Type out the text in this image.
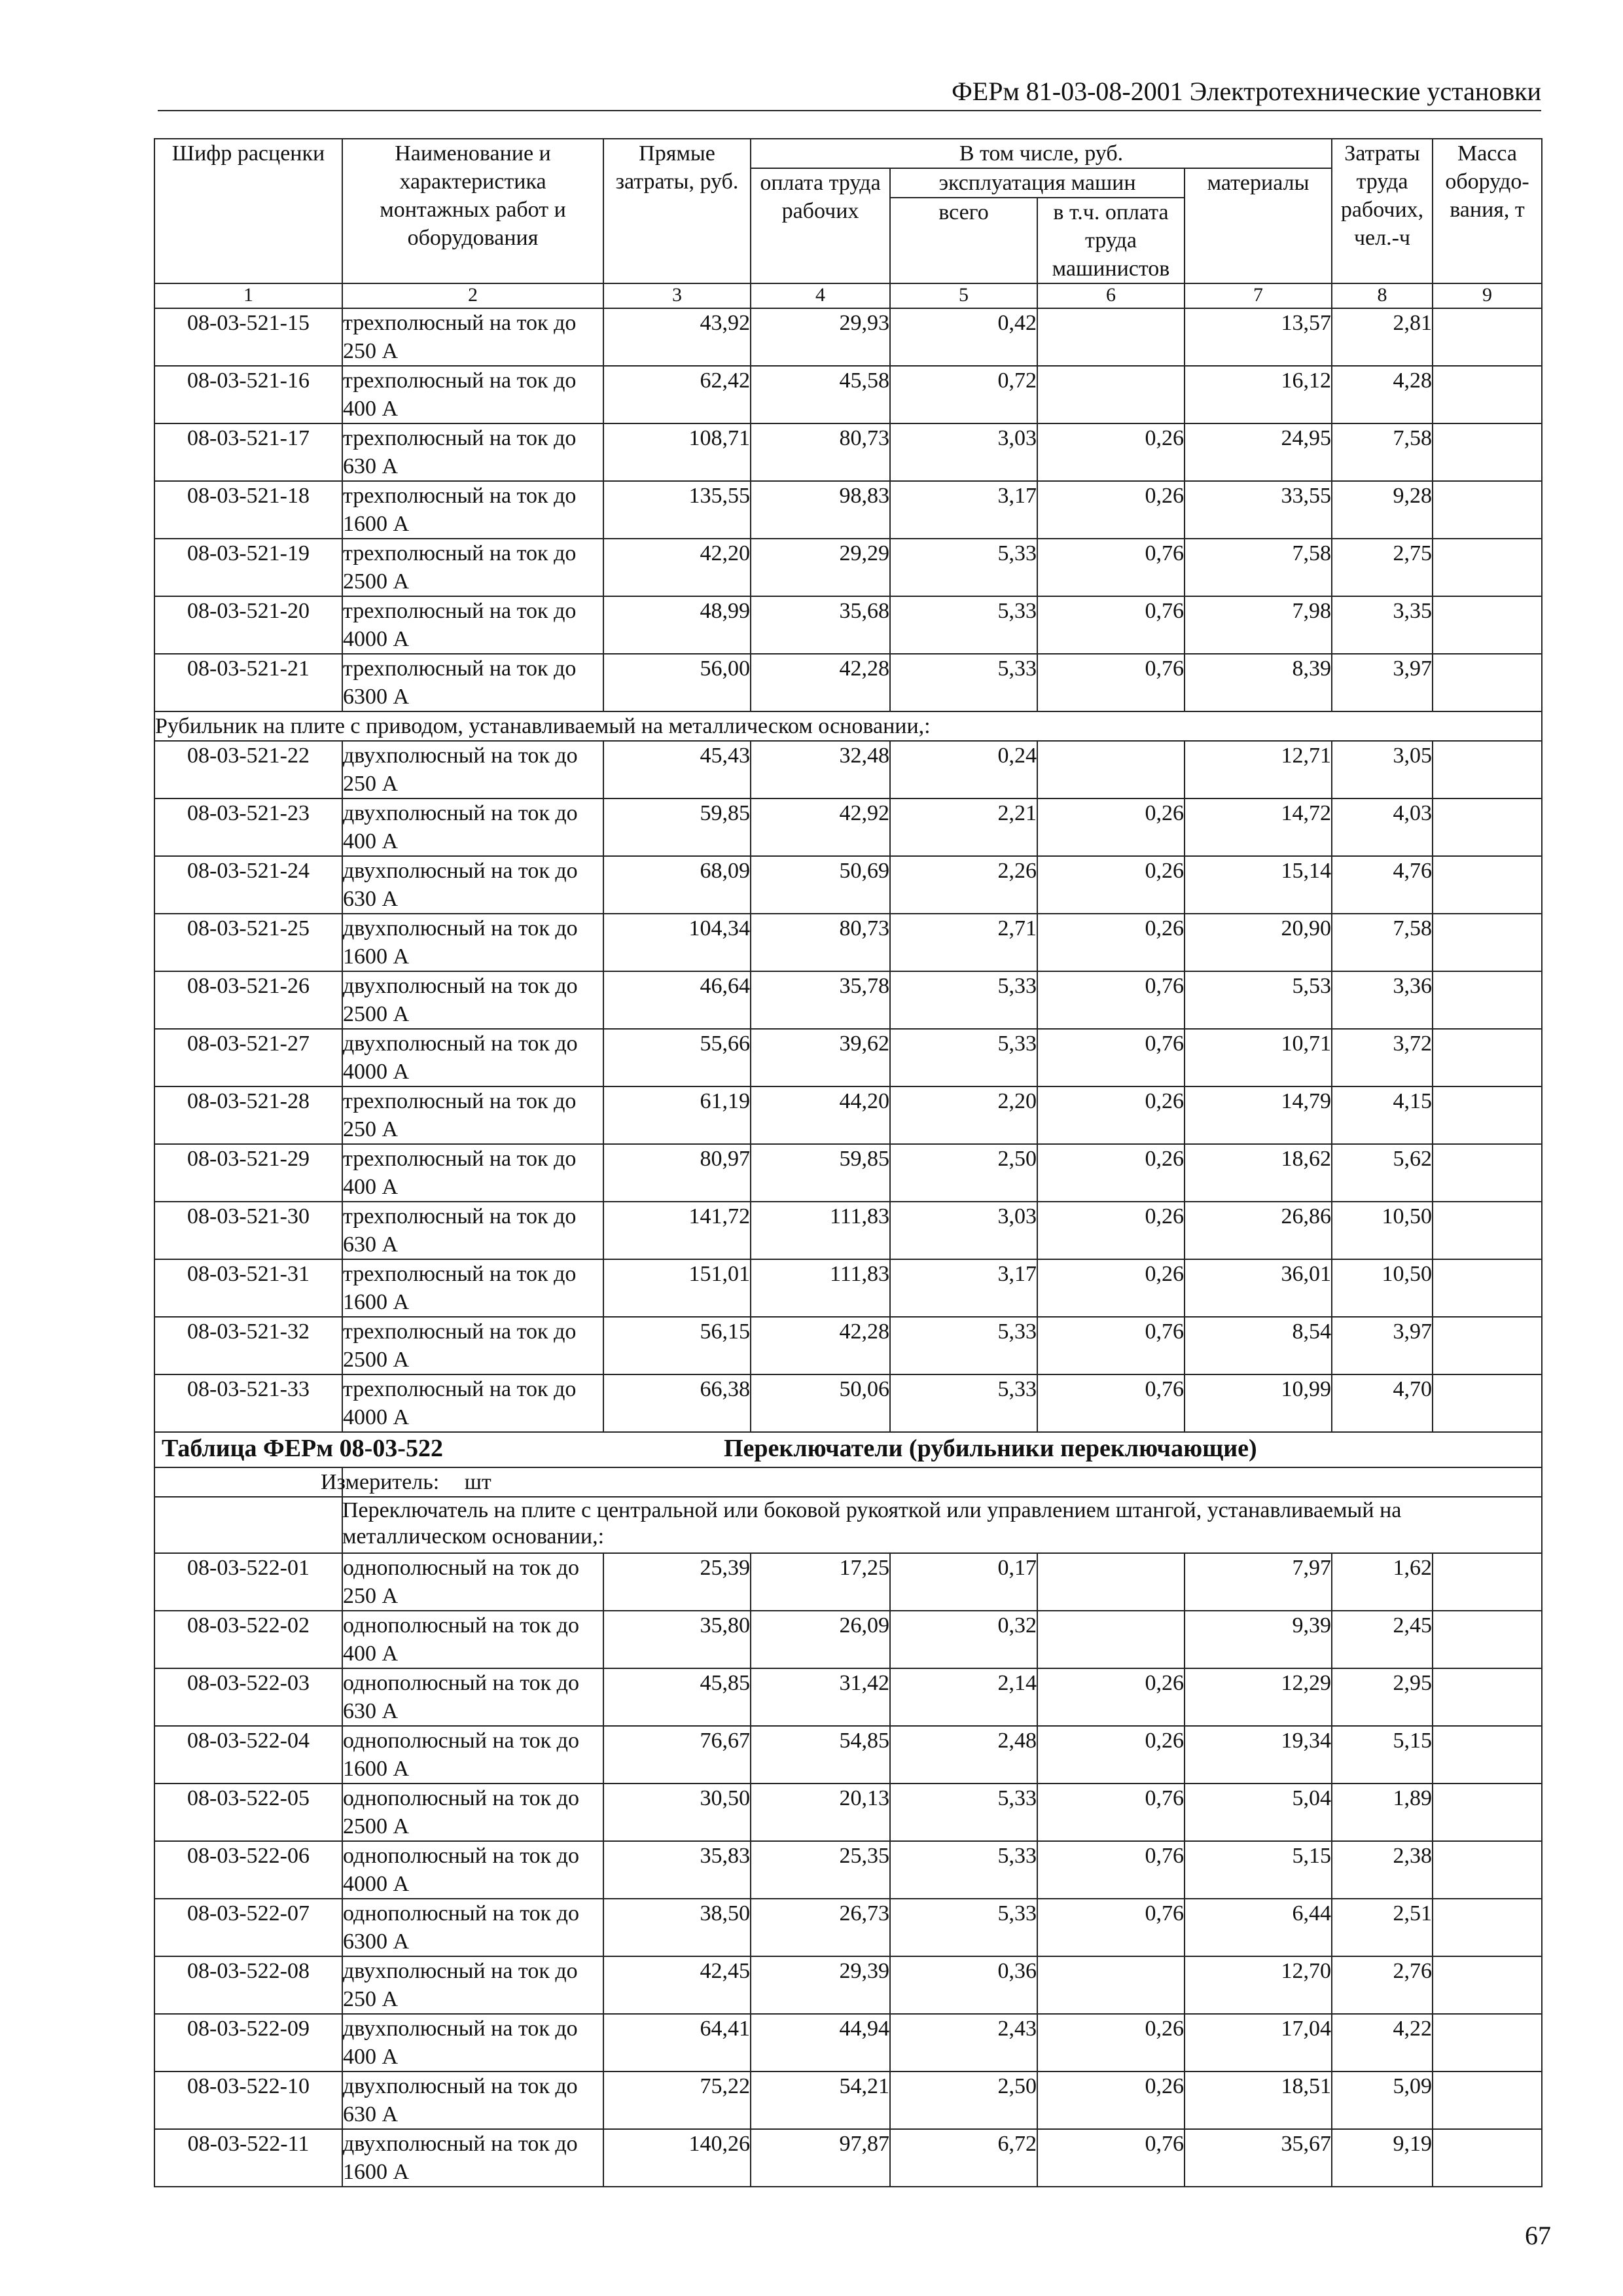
ФЕРм 81-03-08-2001 Электротехнические установки
Шифр расценки	Наименование и характеристика монтажных работ и оборудования	Прямые затраты, руб.	В том числе, руб.				Затраты труда рабочих, чел.-ч	Масса оборудо-вания, т
			оплата труда рабочих	эксплуатация машин		материалы		
				всего	в т.ч. оплата труда машинистов			

1	2	3	4	5	6	7	8	9
08-03-521-15	трехполюсный на ток до 250 А	43,92	29,93	0,42		13,57	2,81	
08-03-521-16	трехполюсный на ток до 400 А	62,42	45,58	0,72		16,12	4,28	
08-03-521-17	трехполюсный на ток до 630 А	108,71	80,73	3,03	0,26	24,95	7,58	
08-03-521-18	трехполюсный на ток до 1600 А	135,55	98,83	3,17	0,26	33,55	9,28	
08-03-521-19	трехполюсный на ток до 2500 А	42,20	29,29	5,33	0,76	7,58	2,75	
08-03-521-20	трехполюсный на ток до 4000 А	48,99	35,68	5,33	0,76	7,98	3,35	
08-03-521-21	трехполюсный на ток до 6300 А	56,00	42,28	5,33	0,76	8,39	3,97	
Рубильник на плите с приводом, устанавливаемый на металлическом основании,:								
08-03-521-22	двухполюсный на ток до 250 А	45,43	32,48	0,24		12,71	3,05	
08-03-521-23	двухполюсный на ток до 400 А	59,85	42,92	2,21	0,26	14,72	4,03	
08-03-521-24	двухполюсный на ток до 630 А	68,09	50,69	2,26	0,26	15,14	4,76	
08-03-521-25	двухполюсный на ток до 1600 А	104,34	80,73	2,71	0,26	20,90	7,58	
08-03-521-26	двухполюсный на ток до 2500 А	46,64	35,78	5,33	0,76	5,53	3,36	
08-03-521-27	двухполюсный на ток до 4000 А	55,66	39,62	5,33	0,76	10,71	3,72	
08-03-521-28	трехполюсный на ток до 250 А	61,19	44,20	2,20	0,26	14,79	4,15	
08-03-521-29	трехполюсный на ток до 400 А	80,97	59,85	2,50	0,26	18,62	5,62	
08-03-521-30	трехполюсный на ток до 630 А	141,72	111,83	3,03	0,26	26,86	10,50	
08-03-521-31	трехполюсный на ток до 1600 А	151,01	111,83	3,17	0,26	36,01	10,50	
08-03-521-32	трехполюсный на ток до 2500 А	56,15	42,28	5,33	0,76	8,54	3,97	
08-03-521-33	трехполюсный на ток до 4000 А	66,38	50,06	5,33	0,76	10,99	4,70	
Таблица ФЕРм 08-03-522 Переключатели (рубильники переключающие)								

	Измеритель: шт							

	Переключатель на плите с центральной или боковой рукояткой или управлением штангой, устанавливаемый на металлическом основании,:							

08-03-522-01	однополюсный на ток до 250 А	25,39	17,25	0,17		7,97	1,62	
08-03-522-02	однополюсный на ток до 400 А	35,80	26,09	0,32		9,39	2,45	
08-03-522-03	однополюсный на ток до 630 А	45,85	31,42	2,14	0,26	12,29	2,95	
08-03-522-04	однополюсный на ток до 1600 А	76,67	54,85	2,48	0,26	19,34	5,15	
08-03-522-05	однополюсный на ток до 2500 А	30,50	20,13	5,33	0,76	5,04	1,89	
08-03-522-06	однополюсный на ток до 4000 А	35,83	25,35	5,33	0,76	5,15	2,38	
08-03-522-07	однополюсный на ток до 6300 А	38,50	26,73	5,33	0,76	6,44	2,51	
08-03-522-08	двухполюсный на ток до 250 А	42,45	29,39	0,36		12,70	2,76	
08-03-522-09	двухполюсный на ток до 400 А	64,41	44,94	2,43	0,26	17,04	4,22	
08-03-522-10	двухполюсный на ток до 630 А	75,22	54,21	2,50	0,26	18,51	5,09	
08-03-522-11	двухполюсный на ток до 1600 А	140,26	97,87	6,72	0,76	35,67	9,19	
67
